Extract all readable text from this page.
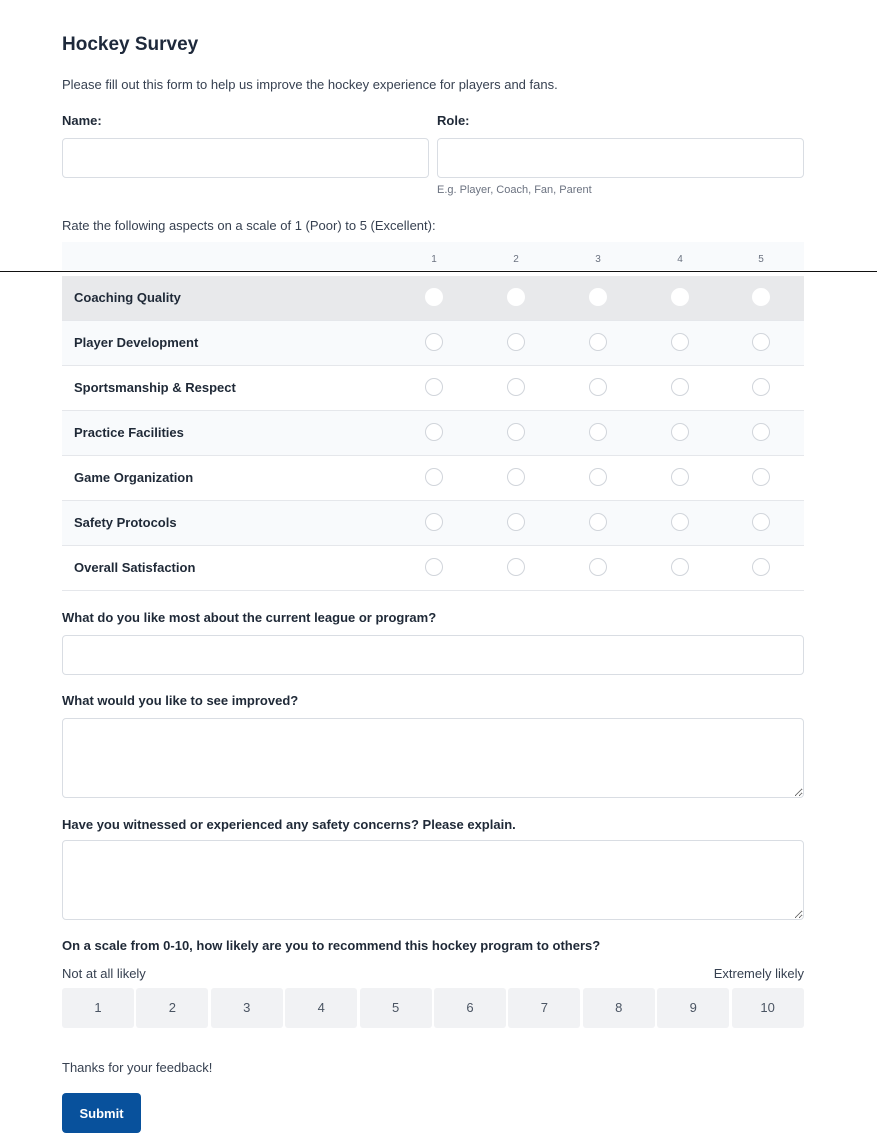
Hockey Survey
Please fill out this form to help us improve the hockey experience for players and fans.
Name:	Role:
E.g. Player, Coach, Fan, Parent
Rate the following aspects on a scale of 1 (Poor) to 5 (Excellent):
1	2	3	4	5
Coaching Quality
Player Development
Sportsmanship & Respect
Practice Facilities
Game Organization
Safety Protocols
Overall Satisfaction
What do you like most about the current league or program?
What would you like to see improved?
Have you witnessed or experienced any safety concerns? Please explain.
On a scale from 0-10, how likely are you to recommend this hockey program to others?
Not at all likely	Extremely likely
1	2	3	4	5	6	7	8	9	10
Thanks for your feedback!
Submit
